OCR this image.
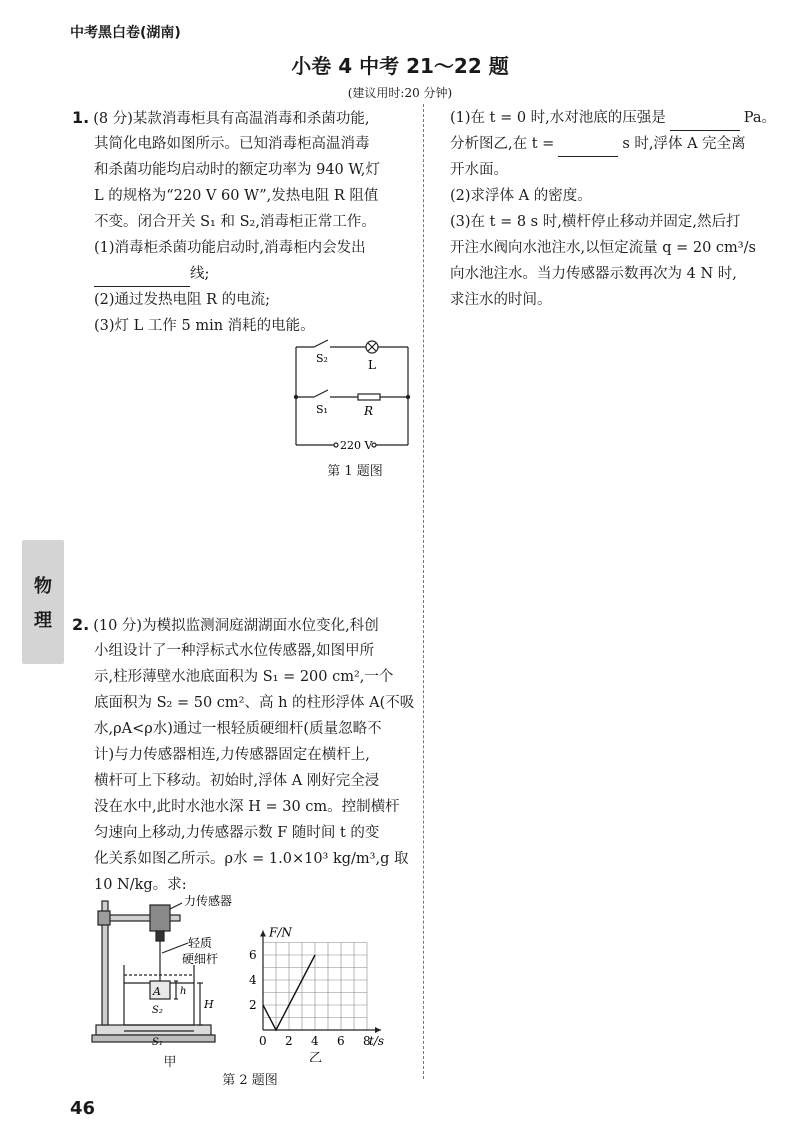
中考黑白卷(湖南)
小卷 4 中考 21～22 题
(建议用时:20 分钟)
1. (8 分)某款消毒柜具有高温消毒和杀菌功能,
其简化电路如图所示。已知消毒柜高温消毒
和杀菌功能均启动时的额定功率为 940 W,灯
L 的规格为“220 V 60 W”,发热电阻 R 阻值
不变。闭合开关 S₁ 和 S₂,消毒柜正常工作。
(1)消毒柜杀菌功能启动时,消毒柜内会发出
线;
(2)通过发热电阻 R 的电流;
(3)灯 L 工作 5 min 消耗的电能。
S₂	L
S₁	R
220 V
第 1 题图
物
理	2. (10 分)为模拟监测洞庭湖湖面水位变化,科创
小组设计了一种浮标式水位传感器,如图甲所
示,柱形薄壁水池底面积为 S₁ = 200 cm²,一个
底面积为 S₂ = 50 cm²、高 h 的柱形浮体 A(不吸
水,ρA<ρ水)通过一根轻质硬细杆(质量忽略不
计)与力传感器相连,力传感器固定在横杆上,
横杆可上下移动。初始时,浮体 A 刚好完全浸
没在水中,此时水池水深 H = 30 cm。控制横杆
匀速向上移动,力传感器示数 F 随时间 t 的变
化关系如图乙所示。ρ水 = 1.0×10³ kg/m³,g 取
10 N/kg。求:
(1)在 t = 0 时,水对池底的压强是	Pa。
分析图乙,在 t =	s 时,浮体 A 完全离
开水面。
(2)求浮体 A 的密度。
(3)在 t = 8 s 时,横杆停止移动并固定,然后打
开注水阀向水池注水,以恒定流量 q = 20 cm³/s
向水池注水。当力传感器示数再次为 4 N 时,
求注水的时间。
A h
H
S₂
S₁
力传感器
轻质
硬细杆
甲
0 2 4 6 8
2
4
6
F/N
t/s
乙
第 2 题图
46
